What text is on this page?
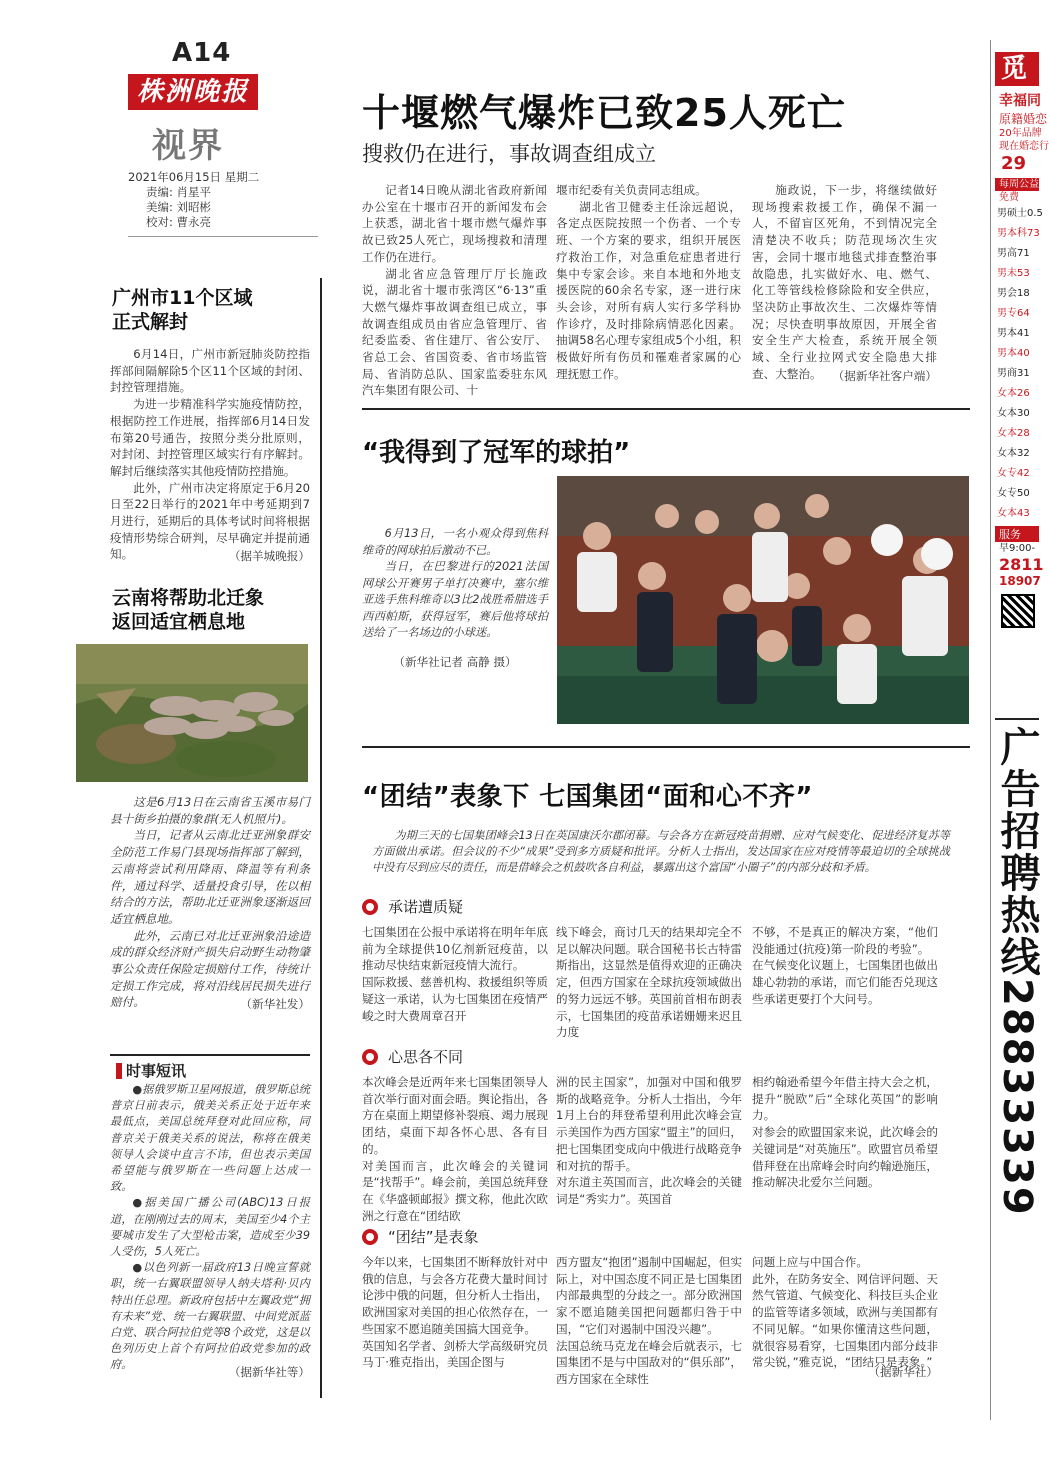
A14
株洲晚报
视界
2021年06月15日 星期二
责编: 肖星平
美编: 刘昭彬
校对: 曹永亮
广州市11个区域
正式解封

6月14日，广州市新冠肺炎防控指挥部间隔解除5个区11个区域的封闭、封控管理措施。

为进一步精准科学实施疫情防控，根据防控工作进展，指挥部6月14日发布第20号通告，按照分类分批原则，对封闭、封控管理区域实行有序解封。解封后继续落实其他疫情防控措施。

此外，广州市决定将原定于6月20日至22日举行的2021年中考延期到7月进行，延期后的具体考试时间将根据疫情形势综合研判，尽早确定并提前通知。	（据羊城晚报）
云南将帮助北迁象
返回适宜栖息地

这是6月13日在云南省玉溪市易门县十街乡拍摄的象群(无人机照片)。

当日，记者从云南北迁亚洲象群安全防范工作易门县现场指挥部了解到，云南将尝试利用降雨、降温等有利条件，通过科学、适量投食引导，佐以相结合的方法，帮助北迁亚洲象逐渐返回适宜栖息地。

此外，云南已对北迁亚洲象沿途造成的群众经济财产损失启动野生动物肇事公众责任保险定损赔付工作，待统计定损工作完成，将对沿线居民损失进行赔付。	（新华社发）
时事短讯

●据俄罗斯卫星网报道，俄罗斯总统普京日前表示，俄美关系正处于近年来最低点，美国总统拜登对此回应称，同普京关于俄美关系的说法，称将在俄美领导人会谈中直言不讳，但也表示美国希望能与俄罗斯在一些问题上达成一致。

●据美国广播公司(ABC)13日报道，在刚刚过去的周末，美国至少4个主要城市发生了大型枪击案，造成至少39人受伤，5人死亡。

●以色列新一届政府13日晚宣誓就职，统一右翼联盟领导人纳夫塔利·贝内特出任总理。新政府包括中左翼政党“拥有未来”党、统一右翼联盟、中间党派蓝白党、联合阿拉伯党等8个政党，这是以色列历史上首个有阿拉伯政党参加的政府。

（据新华社等）
十堰燃气爆炸已致25人死亡
搜救仍在进行，事故调查组成立

记者14日晚从湖北省政府新闻办公室在十堰市召开的新闻发布会上获悉，湖北省十堰市燃气爆炸事故已致25人死亡，现场搜救和清理工作仍在进行。

湖北省应急管理厅厅长施政说，湖北省十堰市张湾区“6·13”重大燃气爆炸事故调查组已成立，事故调查组成员由省应急管理厅、省纪委监委、省住建厅、省公安厅、省总工会、省国资委、省市场监管局、省消防总队、国家监委驻东风汽车集团有限公司、十

堰市纪委有关负责同志组成。

湖北省卫健委主任涂远超说，各定点医院按照一个伤者、一个专班、一个方案的要求，组织开展医疗救治工作，对急重危症患者进行集中专家会诊。来自本地和外地支援医院的60余名专家，逐一进行床头会诊，对所有病人实行多学科协作诊疗，及时排除病情恶化因素。抽调58名心理专家组成5个小组，积极做好所有伤员和罹难者家属的心理抚慰工作。

施政说，下一步，将继续做好现场搜索救援工作，确保不漏一人，不留盲区死角，不到情况完全清楚决不收兵；防范现场次生灾害，会同十堰市地毯式排查整治事故隐患，扎实做好水、电、燃气、化工等管线检修除险和安全供应，坚决防止事故次生、二次爆炸等情况；尽快查明事故原因，开展全省安全生产大检查，系统开展全领域、全行业拉网式安全隐患大排查、大整治。 （据新华社客户端）
“我得到了冠军的球拍”

6月13日，一名小观众得到焦科维奇的网球拍后激动不已。

当日，在巴黎进行的2021法国网球公开赛男子单打决赛中，塞尔维亚选手焦科维奇以3比2战胜希腊选手西西帕斯，获得冠军，赛后他将球拍送给了一名场边的小球迷。

（新华社记者 高静 摄）
“团结”表象下 七国集团“面和心不齐”

为期三天的七国集团峰会13日在英国康沃尔郡闭幕。与会各方在新冠疫苗捐赠、应对气候变化、促进经济复苏等方面做出承诺。但会议的不少“成果”受到多方质疑和批评。分析人士指出，发达国家在应对疫情等最迫切的全球挑战中没有尽到应尽的责任，而是借峰会之机鼓吹各自利益，暴露出这个富国“小圈子”的内部分歧和矛盾。

承诺遭质疑
七国集团在公报中承诺将在明年年底前为全球提供10亿剂新冠疫苗，以推动尽快结束新冠疫情大流行。
国际救援、慈善机构、救援组织等质疑这一承诺，认为七国集团在疫情严峻之时大费周章召开
线下峰会，商讨几天的结果却完全不足以解决问题。联合国秘书长古特雷斯指出，这显然是值得欢迎的正确决定，但西方国家在全球抗疫领域做出的努力远远不够。英国前首相布朗表示，七国集团的疫苗承诺姗姗来迟且力度
不够，不是真正的解决方案，“他们没能通过(抗疫)第一阶段的考验”。
在气候变化议题上，七国集团也做出雄心勃勃的承诺，而它们能否兑现这些承诺更要打个大问号。
心思各不同
本次峰会是近两年来七国集团领导人首次举行面对面会晤。舆论指出，各方在桌面上期望修补裂痕、竭力展现团结，桌面下却各怀心思、各有目的。
对美国而言，此次峰会的关键词是“找帮手”。峰会前，美国总统拜登在《华盛顿邮报》撰文称，他此次欧洲之行意在“团结欧
洲的民主国家”，加强对中国和俄罗斯的战略竞争。分析人士指出，今年1月上台的拜登希望利用此次峰会宣示美国作为西方国家“盟主”的回归，把七国集团变成向中俄进行战略竞争和对抗的帮手。
对东道主英国而言，此次峰会的关键词是“秀实力”。英国首
相约翰逊希望今年借主持大会之机，提升“脱欧”后“全球化英国”的影响力。
对参会的欧盟国家来说，此次峰会的关键词是“对英施压”。欧盟官员希望借拜登在出席峰会时向约翰逊施压，推动解决北爱尔兰问题。
“团结”是表象
今年以来，七国集团不断释放针对中俄的信息，与会各方花费大量时间讨论涉中俄的问题，但分析人士指出，欧洲国家对美国的担心依然存在，一些国家不愿追随美国搞大国竞争。
英国知名学者、剑桥大学高级研究员马丁·雅克指出，美国企图与
西方盟友“抱团”遏制中国崛起，但实际上，对中国态度不同正是七国集团内部最典型的分歧之一。部分欧洲国家不愿追随美国把问题都归咎于中国，“它们对遏制中国没兴趣”。
法国总统马克龙在峰会后就表示，七国集团不是与中国敌对的“俱乐部”，西方国家在全球性
问题上应与中国合作。
此外，在防务安全、网信评问题、天然气管道、气候变化、科技巨头企业的监管等诸多领域，欧洲与美国都有不同见解。“如果你懂清这些问题，就很容易看穿，七国集团内部分歧非常尖锐，”雅克说，“团结只是表象。”
（据新华社）
觅
幸福同
原籍婚恋
20年品牌
现在婚恋行
29
每周公益
免费
男硕士0.5
男本科73
男高71
男未53
男会18
男专64
男本41
男本40
男商31
女本26
女本30
女本28
女本32
女专42
女专50
女本43
服务
早9:00-
2811
18907
广告招聘热线28833339
